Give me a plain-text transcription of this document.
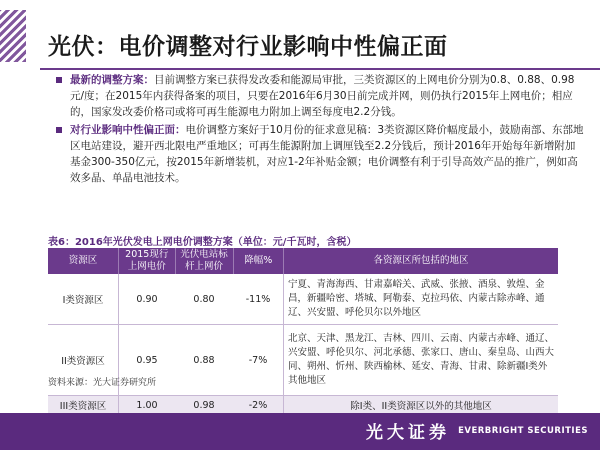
光伏：电价调整对行业影响中性偏正面
最新的调整方案：目前调整方案已获得发改委和能源局审批，三类资源区的上网电价分别为0.8、0.88、0.98元/度；在2015年内获得备案的项目，只要在2016年6月30日前完成并网，则仍执行2015年上网电价；相应的，国家发改委价格司或将可再生能源电力附加上调至每度电2.2分钱。
对行业影响中性偏正面：电价调整方案好于10月份的征求意见稿：3类资源区降价幅度最小，鼓励南部、东部地区电站建设，避开西北限电严重地区；可再生能源附加上调厘钱至2.2分钱后，预计2016年开始每年新增附加基金300-350亿元，按2015年新增装机，对应1-2年补贴金额；电价调整有利于引导高效产品的推广，例如高效多晶、单晶电池技术。
表6：2016年光伏发电上网电价调整方案（单位：元/千瓦时，含税）
资源区	2015现行上网电价	光伏电站标杆上网价	降幅%	各资源区所包括的地区
I类资源区	0.90	0.80	-11%	宁夏、青海海西、甘肃嘉峪关、武威、张掖、酒泉、敦煌、金昌，新疆哈密、塔城、阿勒泰、克拉玛依、内蒙古除赤峰、通辽、兴安盟、呼伦贝尔以外地区
II类资源区	0.95	0.88	-7%	北京、天津、黑龙江、吉林、四川、云南、内蒙古赤峰、通辽、兴安盟、呼伦贝尔、河北承德、张家口、唐山、秦皇岛、山西大同、朔州、忻州、陕西榆林、延安、青海、甘肃、除新疆I类外其他地区
III类资源区	1.00	0.98	-2%	除I类、II类资源区以外的其他地区
资料来源：光大证券研究所
光大证券 EVERBRIGHT SECURITIES
